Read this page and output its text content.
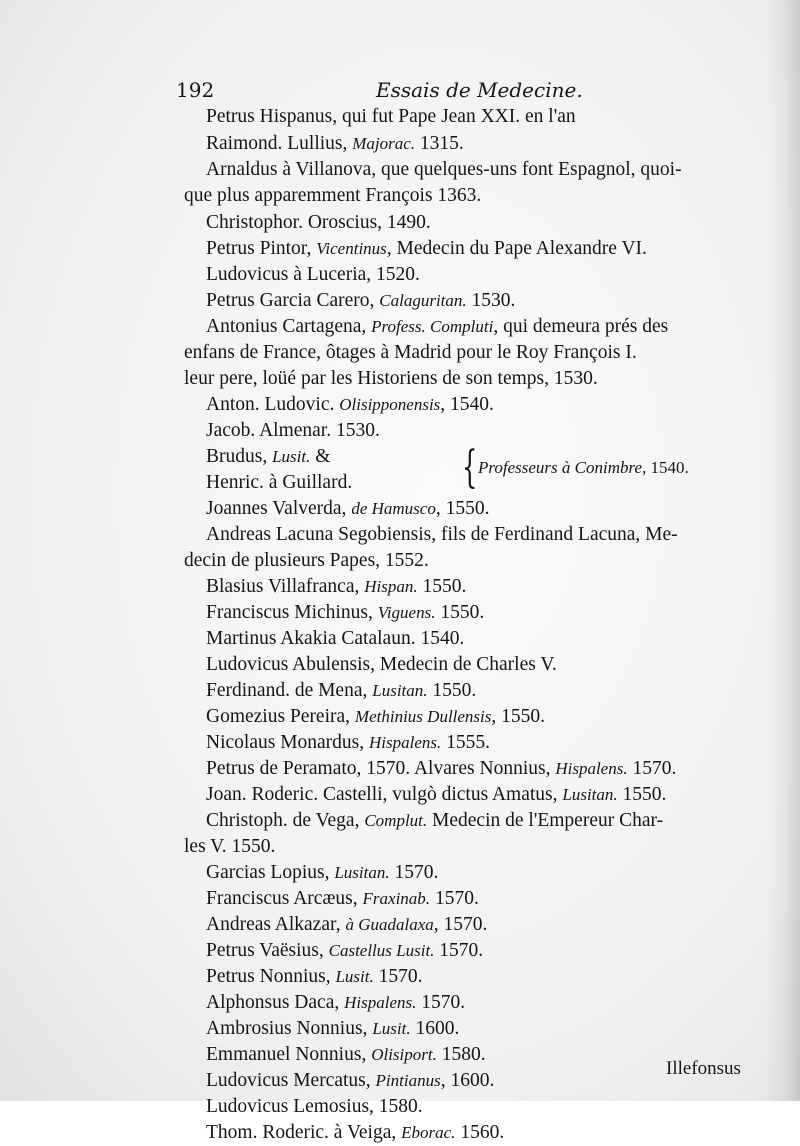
192	Essais de Medecine.
Petrus Hispanus, qui fut Pape Jean XXI. en l'an
Raimond. Lullius, Majorac. 1315.
Arnaldus à Villanova, que quelques-uns font Espagnol, quoi-
que plus apparemment François 1363.
Christophor. Oroscius, 1490.
Petrus Pintor, Vicentinus, Medecin du Pape Alexandre VI.
Ludovicus à Luceria, 1520.
Petrus Garcia Carero, Calaguritan. 1530.
Antonius Cartagena, Profess. Compluti, qui demeura prés des
enfans de France, ôtages à Madrid pour le Roy François I.
leur pere, loüé par les Historiens de son temps, 1530.
Anton. Ludovic. Olisipponensis, 1540.
Jacob. Almenar. 1530.
Brudus, Lusit. &
Henric. à Guillard.
Joannes Valverda, de Hamusco, 1550.
Andreas Lacuna Segobiensis, fils de Ferdinand Lacuna, Me-
decin de plusieurs Papes, 1552.
Blasius Villafranca, Hispan. 1550.
Franciscus Michinus, Viguens. 1550.
Martinus Akakia Catalaun. 1540.
Ludovicus Abulensis, Medecin de Charles V.
Ferdinand. de Mena, Lusitan. 1550.
Gomezius Pereira, Methinius Dullensis, 1550.
Nicolaus Monardus, Hispalens. 1555.
Petrus de Peramato, 1570. Alvares Nonnius, Hispalens. 1570.
Joan. Roderic. Castelli, vulgò dictus Amatus, Lusitan. 1550.
Christoph. de Vega, Complut. Medecin de l'Empereur Char-
les V. 1550.
Garcias Lopius, Lusitan. 1570.
Franciscus Arcæus, Fraxinab. 1570.
Andreas Alkazar, à Guadalaxa, 1570.
Petrus Vaësius, Castellus Lusit. 1570.
Petrus Nonnius, Lusit. 1570.
Alphonsus Daca, Hispalens. 1570.
Ambrosius Nonnius, Lusit. 1600.
Emmanuel Nonnius, Olisiport. 1580.
Ludovicus Mercatus, Pintianus, 1600.
Ludovicus Lemosius, 1580.
Thom. Roderic. à Veiga, Eborac. 1560.
{ Professeurs à Conimbre, 1540.
Illefonsus
